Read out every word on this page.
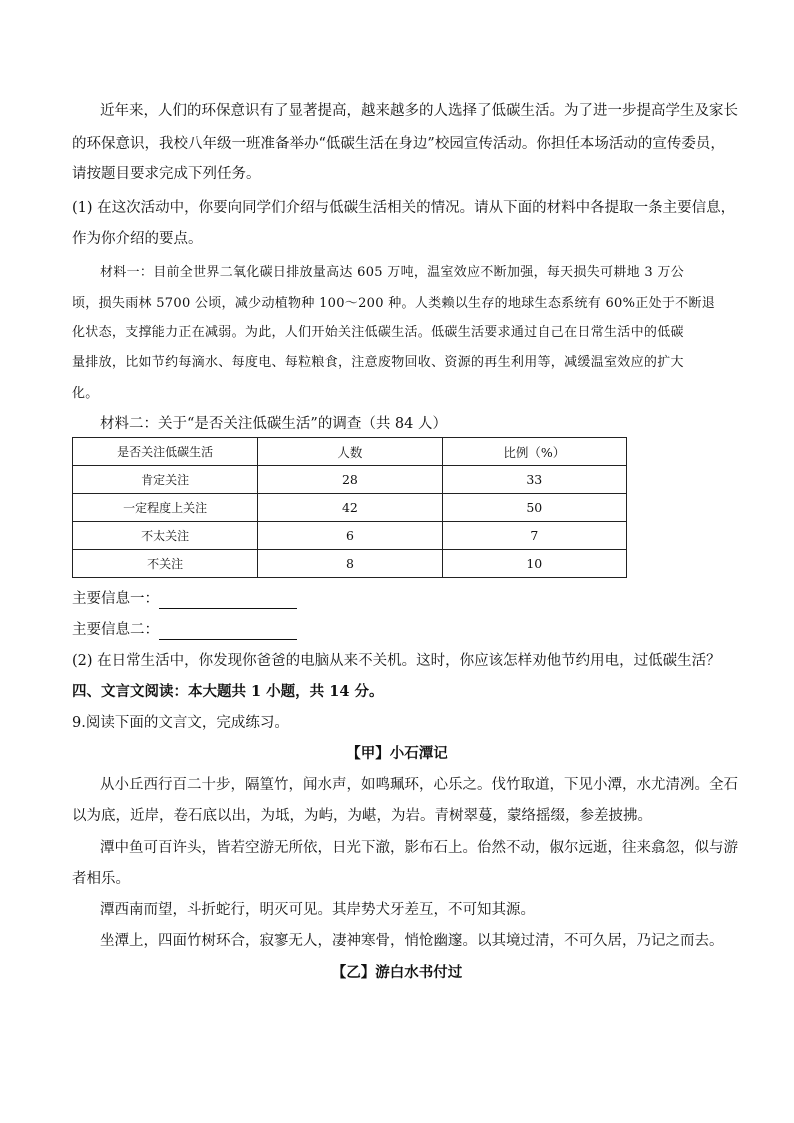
近年来，人们的环保意识有了显著提高，越来越多的人选择了低碳生活。为了进一步提高学生及家长
的环保意识，我校八年级一班准备举办“低碳生活在身边”校园宣传活动。你担任本场活动的宣传委员，
请按题目要求完成下列任务。
(1) 在这次活动中，你要向同学们介绍与低碳生活相关的情况。请从下面的材料中各提取一条主要信息，
作为你介绍的要点。
材料一：目前全世界二氧化碳日排放量高达 605 万吨，温室效应不断加强，每天损失可耕地 3 万公
顷，损失雨林 5700 公顷，减少动植物种 100～200 种。人类赖以生存的地球生态系统有 60%正处于不断退
化状态，支撑能力正在减弱。为此，人们开始关注低碳生活。低碳生活要求通过自己在日常生活中的低碳
量排放，比如节约每滴水、每度电、每粒粮食，注意废物回收、资源的再生利用等，减缓温室效应的扩大
化。
材料二：关于“是否关注低碳生活”的调查（共 84 人）
是否关注低碳生活	人数	比例（%）
肯定关注	28	33
一定程度上关注	42	50
不太关注	6	7
不关注	8	10
主要信息一：
主要信息二：
(2) 在日常生活中，你发现你爸爸的电脑从来不关机。这时，你应该怎样劝他节约用电，过低碳生活？
四、文言文阅读：本大题共 1 小题，共 14 分。
9.阅读下面的文言文，完成练习。
【甲】小石潭记
从小丘西行百二十步，隔篁竹，闻水声，如鸣珮环，心乐之。伐竹取道，下见小潭，水尤清冽。全石
以为底，近岸，卷石底以出，为坻，为屿，为嵁，为岩。青树翠蔓，蒙络摇缀，参差披拂。
潭中鱼可百许头，皆若空游无所依，日光下澈，影布石上。佁然不动，俶尔远逝，往来翕忽，似与游
者相乐。
潭西南而望，斗折蛇行，明灭可见。其岸势犬牙差互，不可知其源。
坐潭上，四面竹树环合，寂寥无人，凄神寒骨，悄怆幽邃。以其境过清，不可久居，乃记之而去。
【乙】游白水书付过
